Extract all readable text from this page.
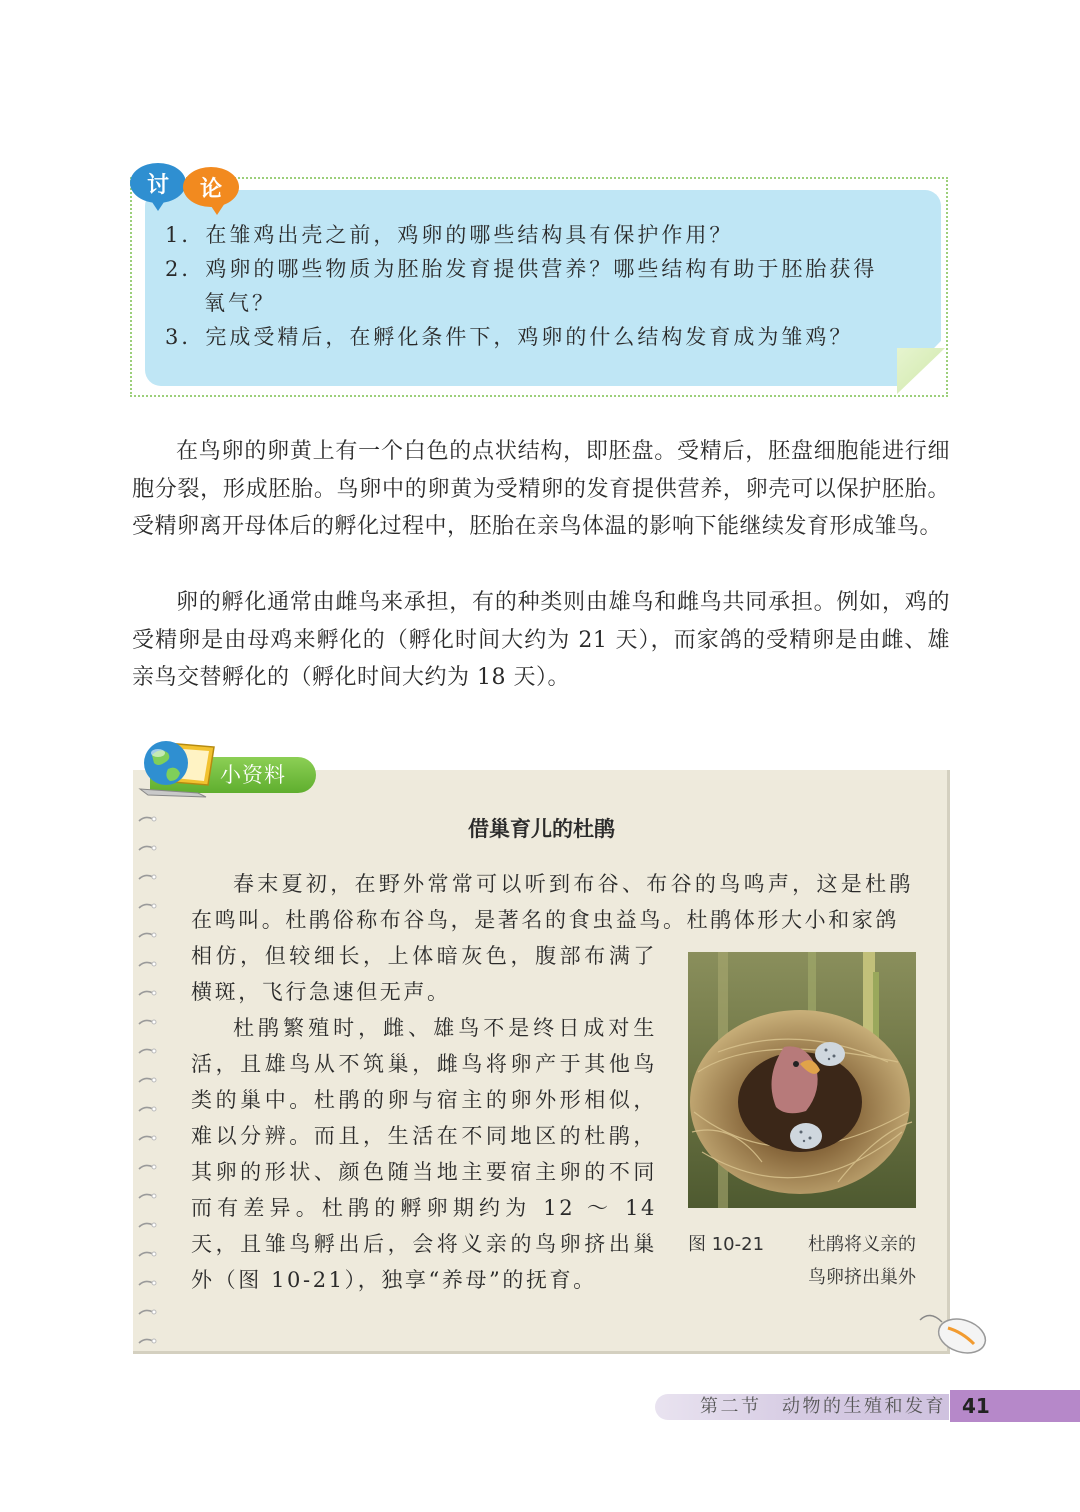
讨 论
1．在雏鸡出壳之前，鸡卵的哪些结构具有保护作用？
2．鸡卵的哪些物质为胚胎发育提供营养？哪些结构有助于胚胎获得
氧气？
3．完成受精后，在孵化条件下，鸡卵的什么结构发育成为雏鸡？
在鸟卵的卵黄上有一个白色的点状结构，即胚盘。受精后，胚盘细胞能进行细胞分裂，形成胚胎。鸟卵中的卵黄为受精卵的发育提供营养，卵壳可以保护胚胎。受精卵离开母体后的孵化过程中，胚胎在亲鸟体温的影响下能继续发育形成雏鸟。
卵的孵化通常由雌鸟来承担，有的种类则由雄鸟和雌鸟共同承担。例如，鸡的受精卵是由母鸡来孵化的（孵化时间大约为 21 天），而家鸽的受精卵是由雌、雄亲鸟交替孵化的（孵化时间大约为 18 天）。
小资料
借巢育儿的杜鹃
春末夏初，在野外常常可以听到布谷、布谷的鸟鸣声，这是杜鹃在鸣叫。杜鹃俗称布谷鸟，是著名的食虫益鸟。杜鹃体形大小和家鸽
相仿，但较细长，上体暗灰色，腹部布满了横斑，飞行急速但无声。
杜鹃繁殖时，雌、雄鸟不是终日成对生活，且雄鸟从不筑巢，雌鸟将卵产于其他鸟类的巢中。杜鹃的卵与宿主的卵外形相似，难以分辨。而且，生活在不同地区的杜鹃，其卵的形状、颜色随当地主要宿主卵的不同而有差异。杜鹃的孵卵期约为 12 ～ 14 天，且雏鸟孵出后，会将义亲的鸟卵挤出巢外（图 10-21），独享“养母”的抚育。
图 10-21 杜鹃将义亲的
鸟卵挤出巢外
第二节　动物的生殖和发育 41
